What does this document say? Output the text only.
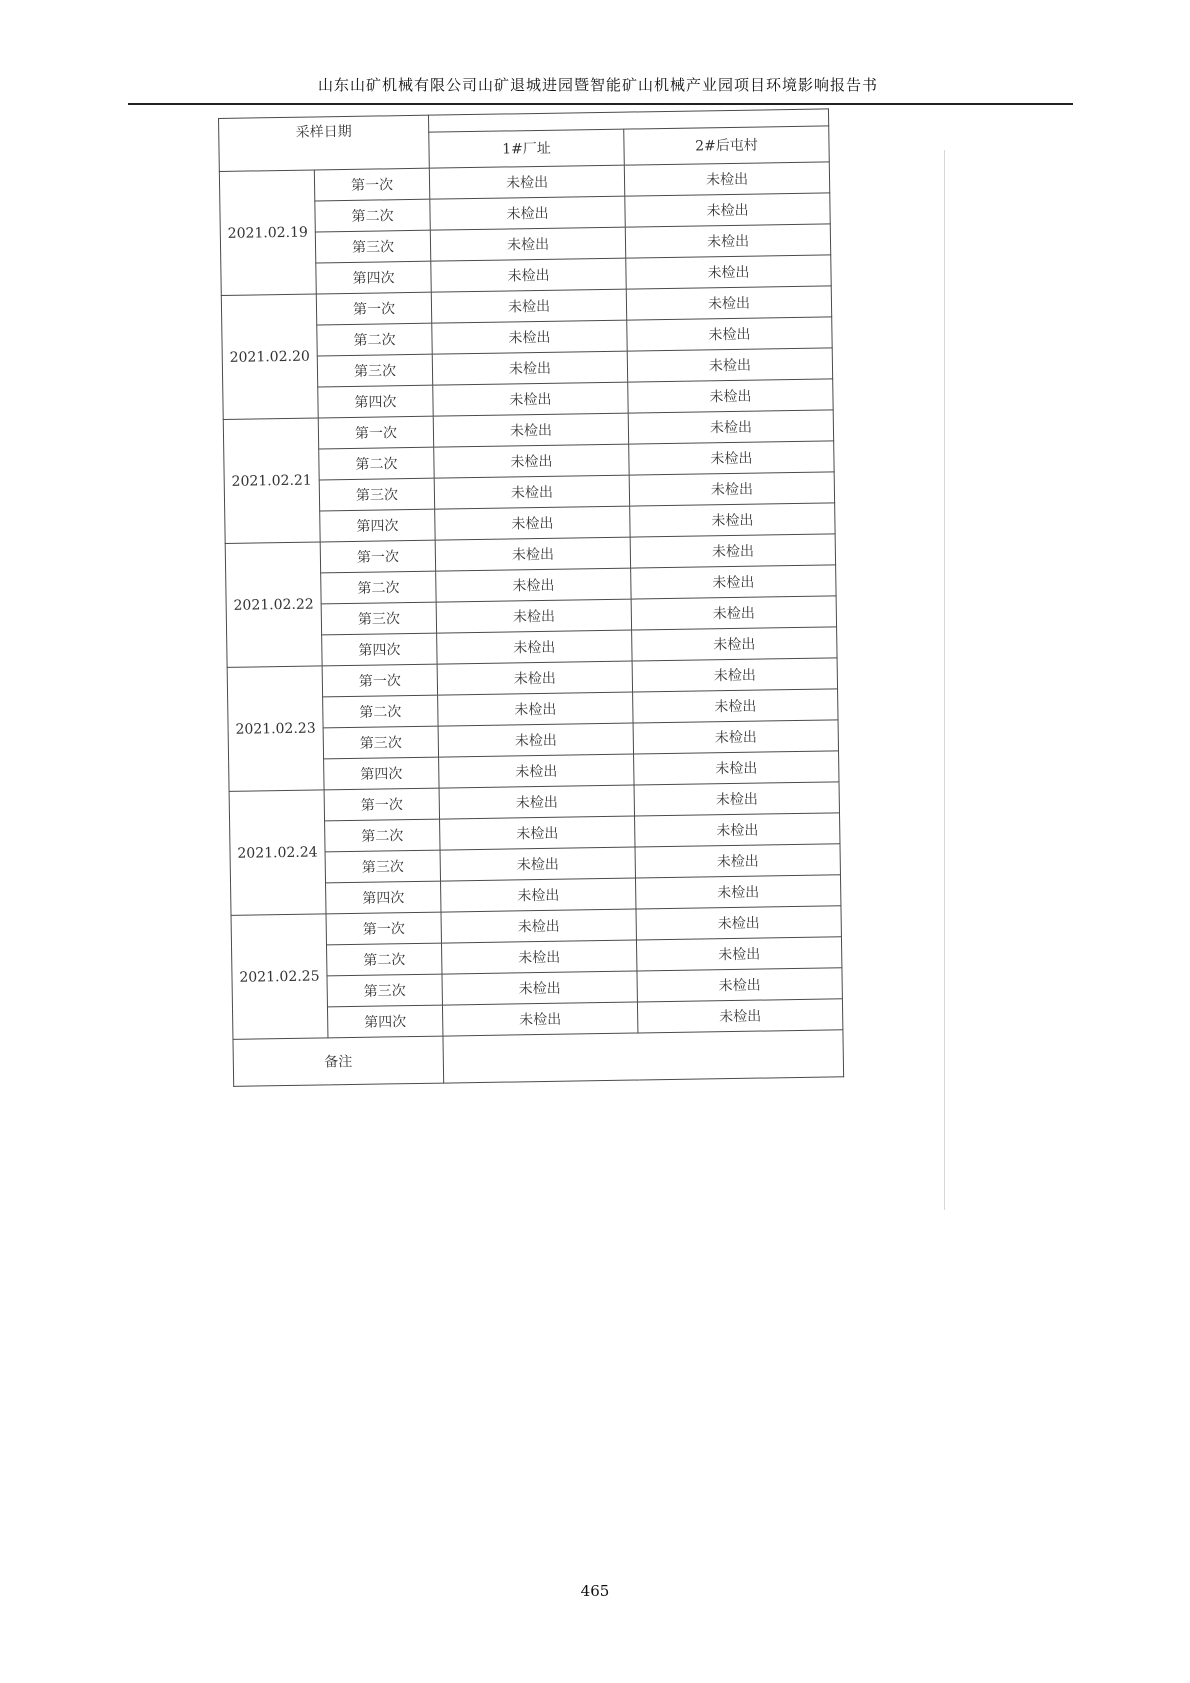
山东山矿机械有限公司山矿退城进园暨智能矿山机械产业园项目环境影响报告书
采样日期			
		1#厂址	2#后屯村
2021.02.19	第一次	未检出	未检出
	第二次	未检出	未检出
	第三次	未检出	未检出
	第四次	未检出	未检出
2021.02.20	第一次	未检出	未检出
	第二次	未检出	未检出
	第三次	未检出	未检出
	第四次	未检出	未检出
2021.02.21	第一次	未检出	未检出
	第二次	未检出	未检出
	第三次	未检出	未检出
	第四次	未检出	未检出
2021.02.22	第一次	未检出	未检出
	第二次	未检出	未检出
	第三次	未检出	未检出
	第四次	未检出	未检出
2021.02.23	第一次	未检出	未检出
	第二次	未检出	未检出
	第三次	未检出	未检出
	第四次	未检出	未检出
2021.02.24	第一次	未检出	未检出
	第二次	未检出	未检出
	第三次	未检出	未检出
	第四次	未检出	未检出
2021.02.25	第一次	未检出	未检出
	第二次	未检出	未检出
	第三次	未检出	未检出
	第四次	未检出	未检出
备注			
465
